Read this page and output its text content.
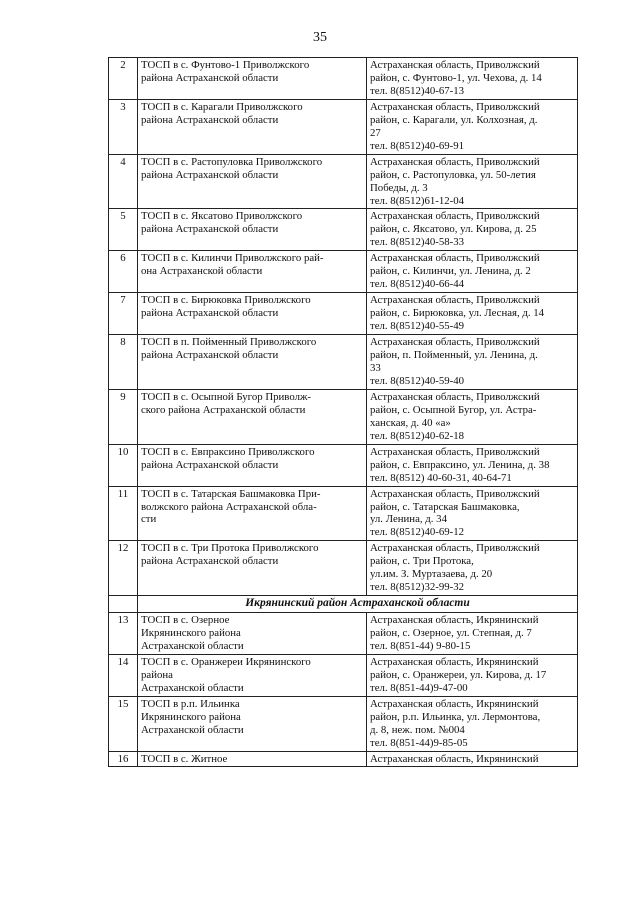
35
2	ТОСП в с. Фунтово-1 Приволжского
района Астраханской области	Астраханская область, Приволжский
район, с. Фунтово-1, ул. Чехова, д. 14
тел. 8(8512)40-67-13
3	ТОСП в с. Карагали Приволжского
района Астраханской области	Астраханская область, Приволжский
район, с. Карагали, ул. Колхозная, д.
27
тел. 8(8512)40-69-91
4	ТОСП в с. Растопуловка Приволжского
района Астраханской области	Астраханская область, Приволжский
район, с. Растопуловка, ул. 50-летия
Победы, д. 3
тел. 8(8512)61-12-04
5	ТОСП в с. Яксатово Приволжского
района Астраханской области	Астраханская область, Приволжский
район, с. Яксатово, ул. Кирова, д. 25
тел. 8(8512)40-58-33
6	ТОСП в с. Килинчи Приволжского рай-
она Астраханской области	Астраханская область, Приволжский
район, с. Килинчи, ул. Ленина, д. 2
тел. 8(8512)40-66-44
7	ТОСП в с. Бирюковка Приволжского
района Астраханской области	Астраханская область, Приволжский
район, с. Бирюковка, ул. Лесная, д. 14
тел. 8(8512)40-55-49
8	ТОСП в п. Пойменный Приволжского
района Астраханской области	Астраханская область, Приволжский
район, п. Пойменный, ул. Ленина, д.
33
тел. 8(8512)40-59-40
9	ТОСП в с. Осыпной Бугор Приволж-
ского района Астраханской области	Астраханская область, Приволжский
район, с. Осыпной Бугор, ул. Астра-
ханская, д. 40 «а»
тел. 8(8512)40-62-18
10	ТОСП в с. Евпраксино Приволжского
района Астраханской области	Астраханская область, Приволжский
район, с. Евпраксино, ул. Ленина, д. 38
тел. 8(8512) 40-60-31, 40-64-71
11	ТОСП в с. Татарская Башмаковка При-
волжского района Астраханской обла-
сти	Астраханская область, Приволжский
район, с. Татарская Башмаковка,
ул. Ленина, д. 34
тел. 8(8512)40-69-12
12	ТОСП в с. Три Протока Приволжского
района Астраханской области	Астраханская область, Приволжский
район, с. Три Протока,
ул.им. З. Муртазаева, д. 20
тел. 8(8512)32-99-32
	Икрянинский район Астраханской области	
13	ТОСП в с. Озерное
Икрянинского района
Астраханской области	Астраханская область, Икрянинский
район, с. Озерное, ул. Степная, д. 7
тел. 8(851-44) 9-80-15
14	ТОСП в с. Оранжереи Икрянинского
района
Астраханской области	Астраханская область, Икрянинский
район, с. Оранжереи, ул. Кирова, д. 17
тел. 8(851-44)9-47-00
15	ТОСП в р.п. Ильинка
Икрянинского района
Астраханской области	Астраханская область, Икрянинский
район, р.п. Ильинка, ул. Лермонтова,
д. 8, неж. пом. №004
тел. 8(851-44)9-85-05
16	ТОСП в с. Житное	Астраханская область, Икрянинский
